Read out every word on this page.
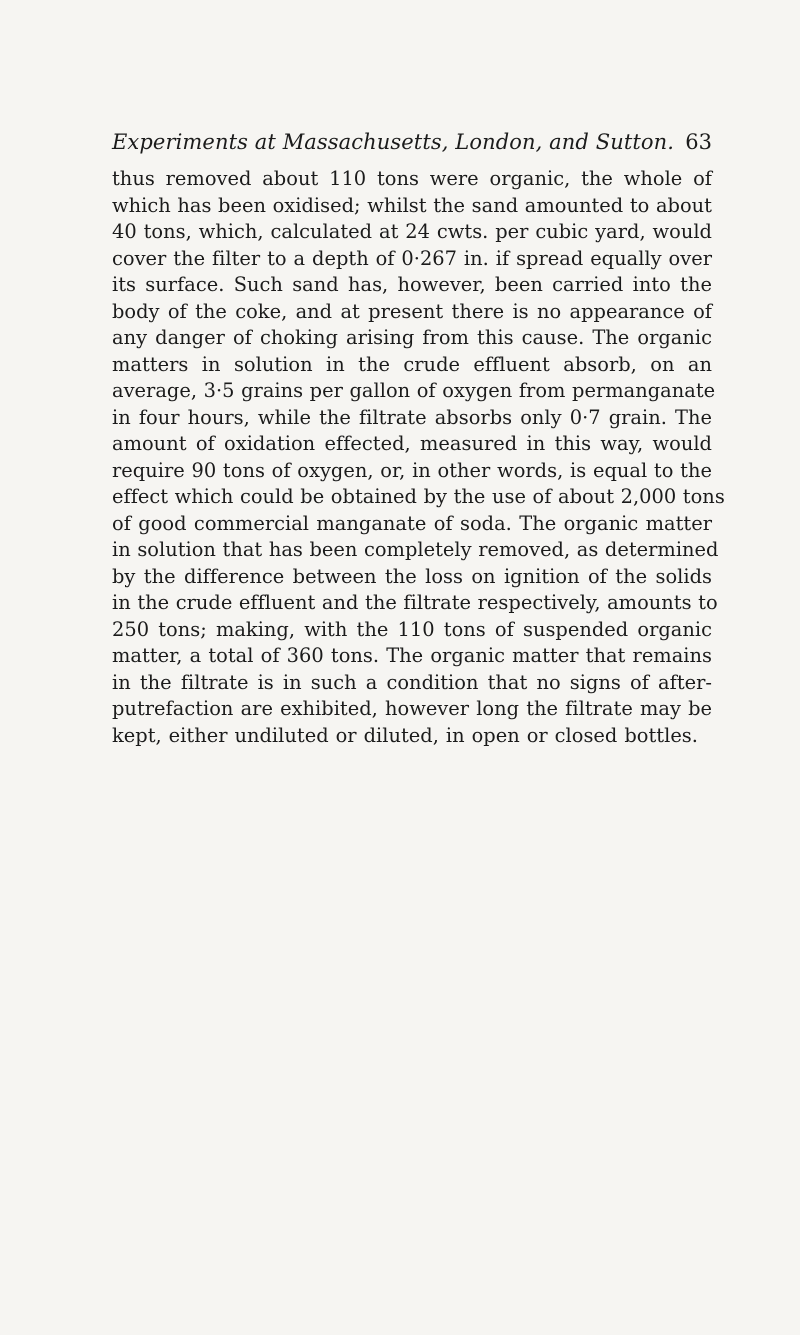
Experiments at Massachusetts, London, and Sutton. 63
thus removed about 110 tons were organic, the whole of
which has been oxidised; whilst the sand amounted to about
40 tons, which, calculated at 24 cwts. per cubic yard, would
cover the filter to a depth of 0·267 in. if spread equally over
its surface. Such sand has, however, been carried into the
body of the coke, and at present there is no appearance of
any danger of choking arising from this cause. The organic
matters in solution in the crude effluent absorb, on an
average, 3·5 grains per gallon of oxygen from permanganate
in four hours, while the filtrate absorbs only 0·7 grain. The
amount of oxidation effected, measured in this way, would
require 90 tons of oxygen, or, in other words, is equal to the
effect which could be obtained by the use of about 2,000 tons
of good commercial manganate of soda. The organic matter
in solution that has been completely removed, as determined
by the difference between the loss on ignition of the solids
in the crude effluent and the filtrate respectively, amounts to
250 tons; making, with the 110 tons of suspended organic
matter, a total of 360 tons. The organic matter that remains
in the filtrate is in such a condition that no signs of after-
putrefaction are exhibited, however long the filtrate may be
kept, either undiluted or diluted, in open or closed bottles.
